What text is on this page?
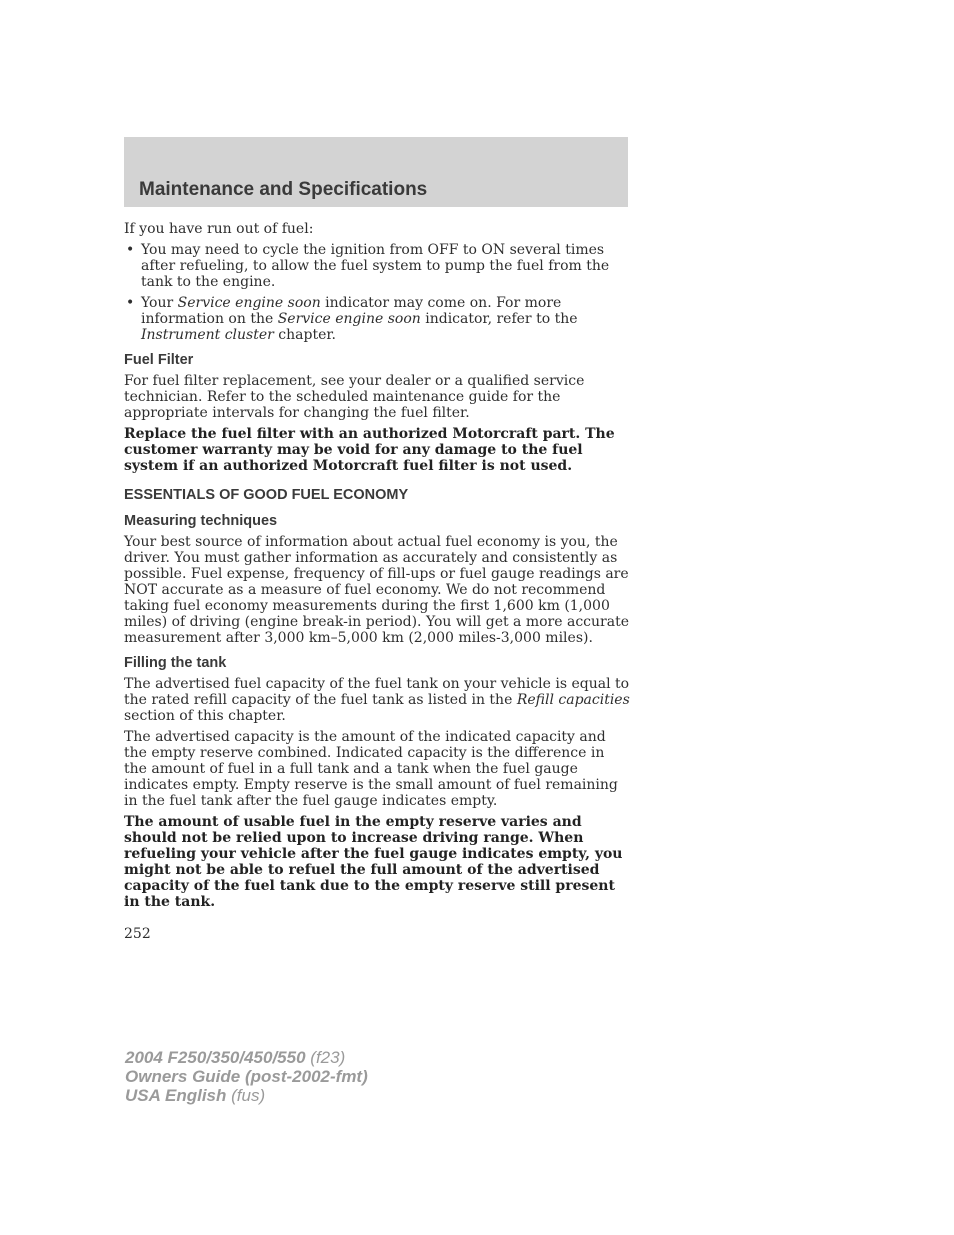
Maintenance and Specifications

If you have run out of fuel:

• You may need to cycle the ignition from OFF to ON several times after refueling, to allow the fuel system to pump the fuel from the tank to the engine.
• Your Service engine soon indicator may come on. For more information on the Service engine soon indicator, refer to the Instrument cluster chapter.

Fuel Filter

For fuel filter replacement, see your dealer or a qualified service technician. Refer to the scheduled maintenance guide for the appropriate intervals for changing the fuel filter.

Replace the fuel filter with an authorized Motorcraft part. The customer warranty may be void for any damage to the fuel system if an authorized Motorcraft fuel filter is not used.

ESSENTIALS OF GOOD FUEL ECONOMY

Measuring techniques

Your best source of information about actual fuel economy is you, the driver. You must gather information as accurately and consistently as possible. Fuel expense, frequency of fill-ups or fuel gauge readings are NOT accurate as a measure of fuel economy. We do not recommend taking fuel economy measurements during the first 1,600 km (1,000 miles) of driving (engine break-in period). You will get a more accurate measurement after 3,000 km–5,000 km (2,000 miles-3,000 miles).

Filling the tank

The advertised fuel capacity of the fuel tank on your vehicle is equal to the rated refill capacity of the fuel tank as listed in the Refill capacities section of this chapter.

The advertised capacity is the amount of the indicated capacity and the empty reserve combined. Indicated capacity is the difference in the amount of fuel in a full tank and a tank when the fuel gauge indicates empty. Empty reserve is the small amount of fuel remaining in the fuel tank after the fuel gauge indicates empty.

The amount of usable fuel in the empty reserve varies and should not be relied upon to increase driving range. When refueling your vehicle after the fuel gauge indicates empty, you might not be able to refuel the full amount of the advertised capacity of the fuel tank due to the empty reserve still present in the tank.

252
2004 F250/350/450/550 (f23)
Owners Guide (post-2002-fmt)
USA English (fus)
